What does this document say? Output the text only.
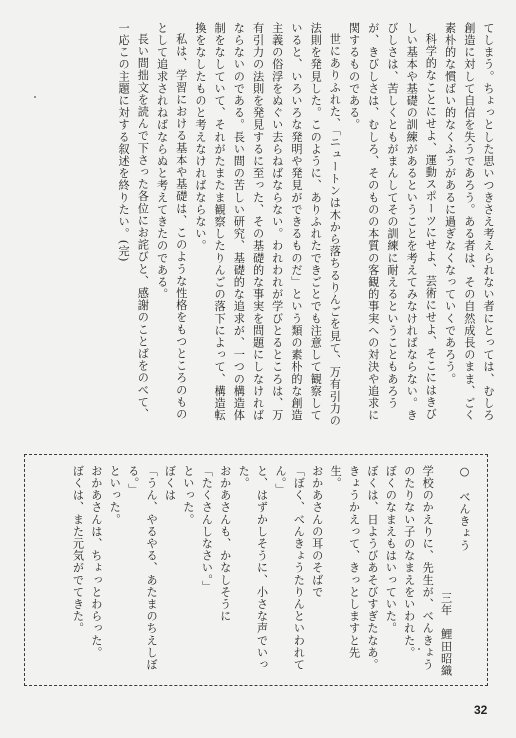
てしまう。ちょっとした思いつきさえ考えられない者にとっては、むしろ創造に対して自信を失うであろう。ある者は、その自然成長のまま、ごく素朴的な慣ばい的なくふうがあるに過ぎなくなっていくであろう。

科学的なことにせよ、運動スポーツにせよ、芸術にせよ、そこにはきびしい基本や基礎の訓練があるということを考えてみなければならない。きびしさは、苦しくともがまんしてその訓練に耐えるということもあろうが、きびしさは、むしろ、そのものの本質の客観的事実への対決や追求に関するものである。

世にありふれた、「ニュートンは木から落ちるりんごを見て、万有引力の法則を発見した。このように、ありふれたできごとでも注意して観察していると、いろいろな発明や発見ができるものだ」という類の素朴的な創造主義の俗浮をぬぐい去らねばならない。われわれが学びとるところは、万有引力の法則を発見するに至った、その基礎的な事実を問題にしなければならないのである。長い間の苦しい研究、基礎的な追求が、一つの構造体制をなしていて、それがたまたま観察したりんごの落下によって、構造転換をなしたものと考えなければならない。

私は、学習における基本や基礎は、このような性格をもつところのものとして追求されねばならぬと考えてきたのである。

長い間拙文を読んで下さった各位にお詫びと、感謝のことばをのべて、一応この主題に対する叙述を終りたい。(完)

○　べんきょう
三年　鯉田昭織
学校のかえりに、先生が、べんきょうのたりない子のなまえをいわれた。
ぼくのなまえもはいっていた。
ぼくは、日ようびあそびすぎたなあ。
きょうかえって、きっとしますと先生。
おかあさんの耳のそばで
「ぼく、べんきょうたりんといわれてん。」
と、はずかしそうに、小さな声でいった。
おかあさんも、かなしそうに
「たくさんしなさい。」
といった。
ぼくは
「うん、やるやる、あたまのちえしぼる。」
といった。
おかあさんは、ちょっとわらった。
ぼくは、また元気がでてきた。
32
